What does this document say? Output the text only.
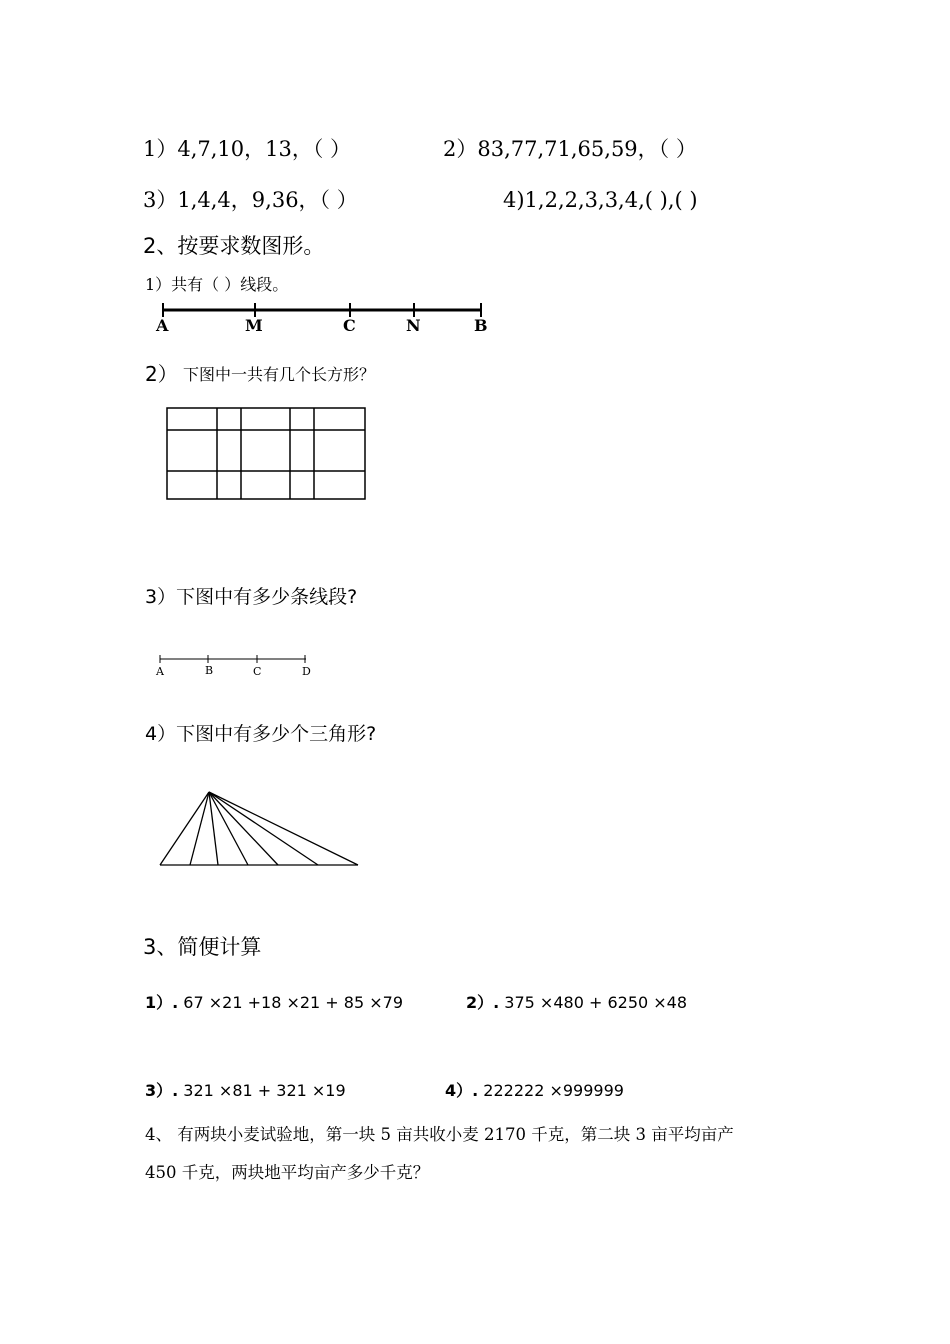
1）4,7,10，13，（ ）	2）83,77,71,65,59，（ ）
3）1,4,4，9,36，（ ）	4)1,2,2,3,3,4,( ),( )
2、按要求数图形。
1）共有（ ）线段。
A	M	C	N	B
2） 下图中一共有几个长方形？
3）下图中有多少条线段?
A	B	C	D
4）下图中有多少个三角形?
3、简便计算
1）. 67 ×21 +18 ×21 + 85 ×79	2）. 375 ×480 + 6250 ×48
3）. 321 ×81 + 321 ×19	4）. 222222 ×999999
4、 有两块小麦试验地，第一块 5 亩共收小麦 2170 千克，第二块 3 亩平均亩产
450 千克，两块地平均亩产多少千克？
